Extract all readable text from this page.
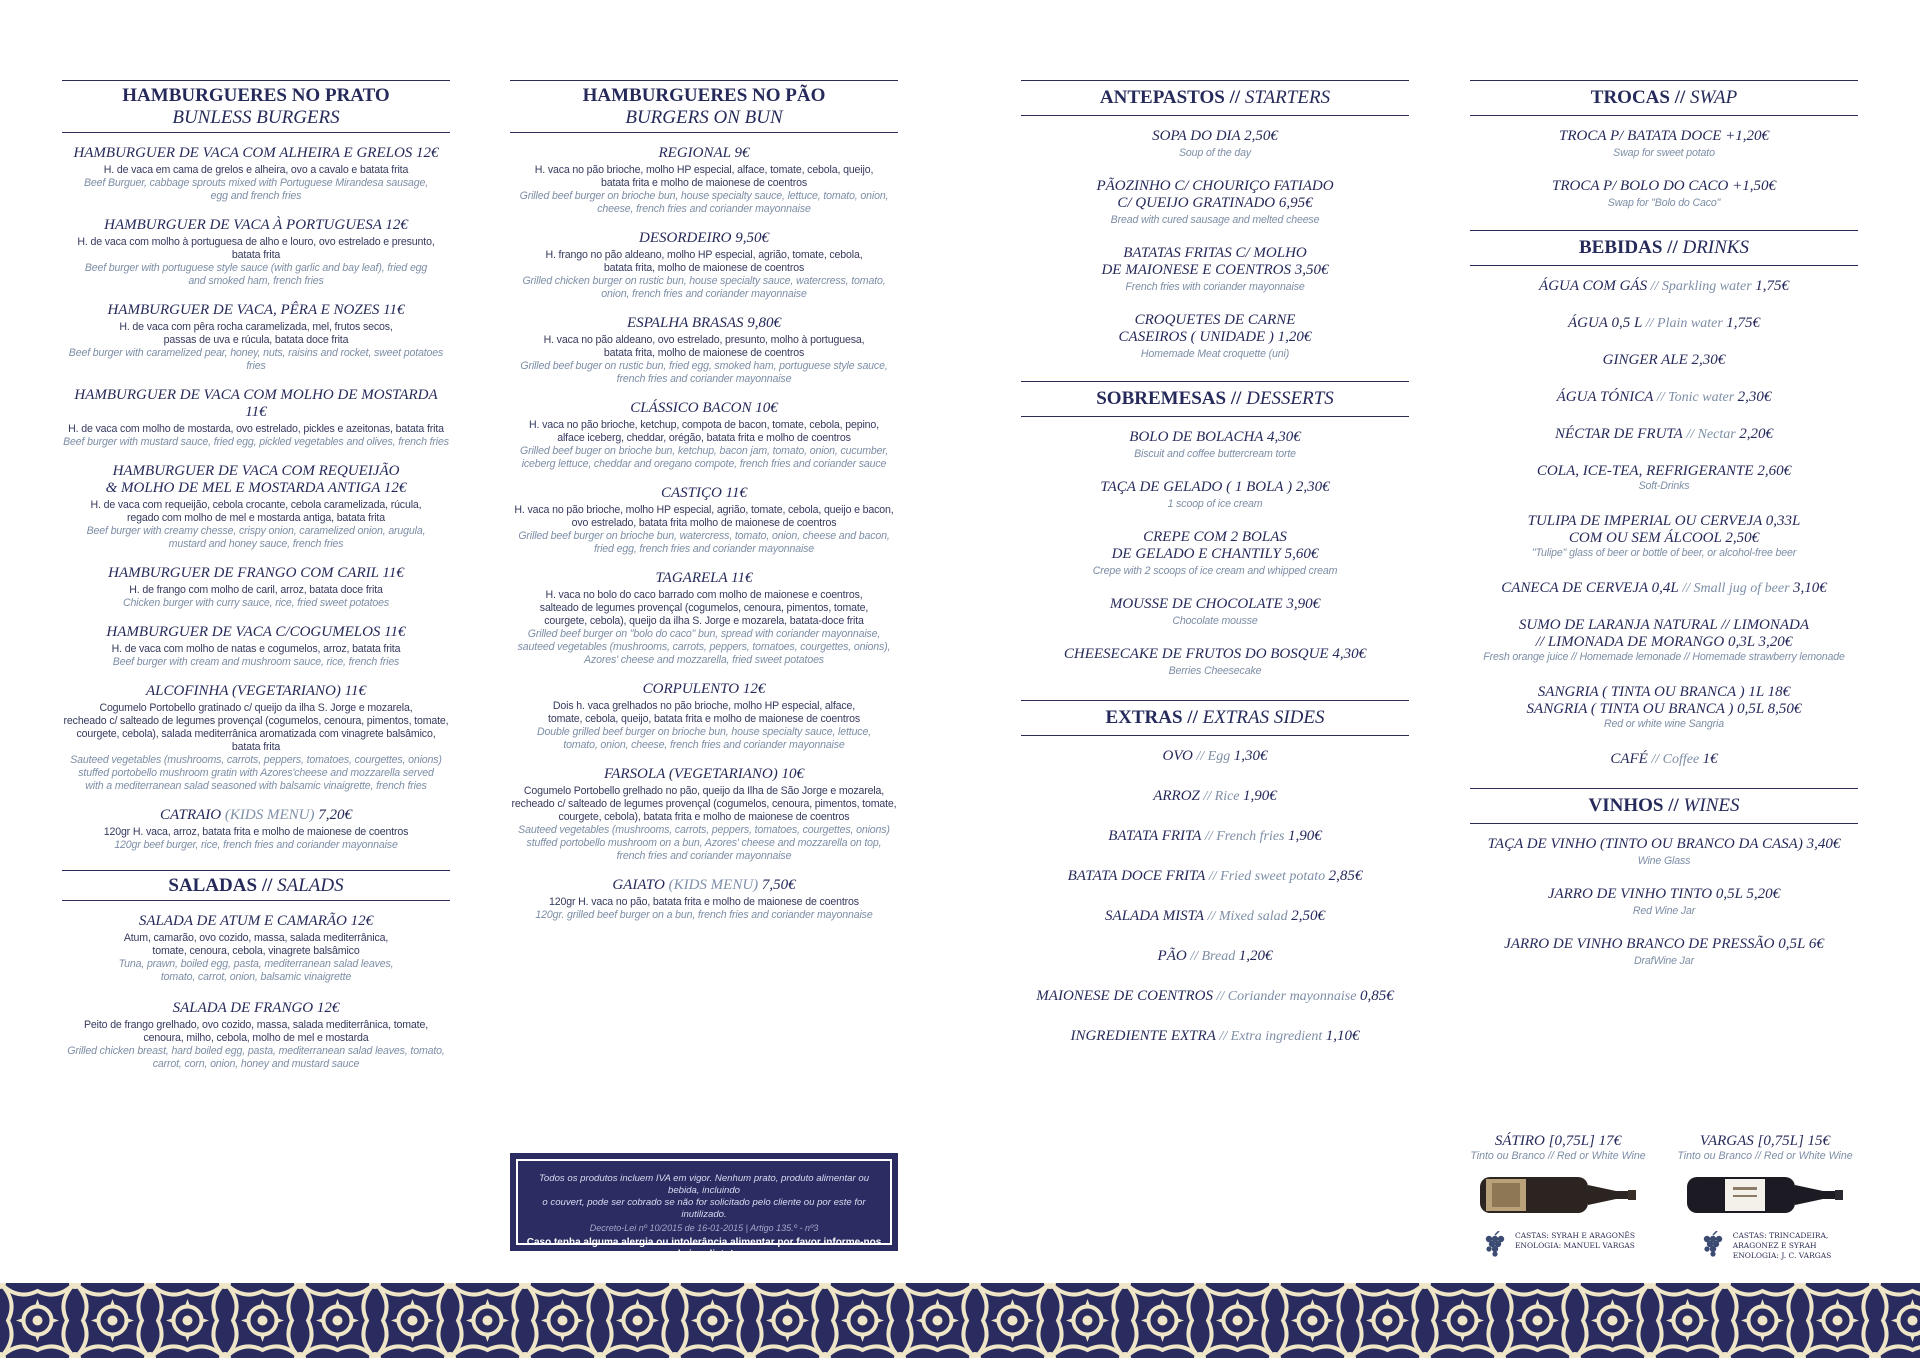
HAMBURGUERES NO PRATO
BUNLESS BURGERS
HAMBURGUER DE VACA COM ALHEIRA E GRELOS 12€
H. de vaca em cama de grelos e alheira, ovo a cavalo e batata frita
Beef Burguer, cabbage sprouts mixed with Portuguese Mirandesa sausage,
egg and french fries
HAMBURGUER DE VACA À PORTUGUESA 12€
H. de vaca com molho à portuguesa de alho e louro, ovo estrelado e presunto, batata frita
Beef burger with portuguese style sauce (with garlic and bay leaf), fried egg
and smoked ham, french fries
HAMBURGUER DE VACA, PÊRA E NOZES 11€
H. de vaca com pêra rocha caramelizada, mel, frutos secos,
passas de uva e rúcula, batata doce frita
Beef burger with caramelized pear, honey, nuts, raisins and rocket, sweet potatoes fries
HAMBURGUER DE VACA COM MOLHO DE MOSTARDA 11€
H. de vaca com molho de mostarda, ovo estrelado, pickles e azeitonas, batata frita
Beef burger with mustard sauce, fried egg, pickled vegetables and olives, french fries
HAMBURGUER DE VACA COM REQUEIJÃO
& MOLHO DE MEL E MOSTARDA ANTIGA 12€
H. de vaca com requeijão, cebola crocante, cebola caramelizada, rúcula,
regado com molho de mel e mostarda antiga, batata frita
Beef burger with creamy chesse, crispy onion, caramelized onion, arugula,
mustard and honey sauce, french fries
HAMBURGUER DE FRANGO COM CARIL 11€
H. de frango com molho de caril, arroz, batata doce frita
Chicken burger with curry sauce, rice, fried sweet potatoes
HAMBURGUER DE VACA C/COGUMELOS 11€
H. de vaca com molho de natas e cogumelos, arroz, batata frita
Beef burger with cream and mushroom sauce, rice, french fries
ALCOFINHA (VEGETARIANO) 11€
Cogumelo Portobello gratinado c/ queijo da ilha S. Jorge e mozarela,
recheado c/ salteado de legumes provençal (cogumelos, cenoura, pimentos, tomate,
courgete, cebola), salada mediterrânica aromatizada com vinagrete balsâmico, batata frita
Sauteed vegetables (mushrooms, carrots, peppers, tomatoes, courgettes, onions)
stuffed portobello mushroom gratin with Azores'cheese and mozzarella served
with a mediterranean salad seasoned with balsamic vinaigrette, french fries
CATRAIO (KIDS MENU) 7,20€
120gr H. vaca, arroz, batata frita e molho de maionese de coentros
120gr beef burger, rice, french fries and coriander mayonnaise
SALADAS // SALADS
SALADA DE ATUM E CAMARÃO 12€
Atum, camarão, ovo cozido, massa, salada mediterrânica,
tomate, cenoura, cebola, vinagrete balsâmico
Tuna, prawn, boiled egg, pasta, mediterranean salad leaves,
tomato, carrot, onion, balsamic vinaigrette
SALADA DE FRANGO 12€
Peito de frango grelhado, ovo cozido, massa, salada mediterrânica, tomate,
cenoura, milho, cebola, molho de mel e mostarda
Grilled chicken breast, hard boiled egg, pasta, mediterranean salad leaves, tomato,
carrot, corn, onion, honey and mustard sauce
HAMBURGUERES NO PÃO
BURGERS ON BUN
REGIONAL 9€
H. vaca no pão brioche, molho HP especial, alface, tomate, cebola, queijo,
batata frita e molho de maionese de coentros
Grilled beef burger on brioche bun, house specialty sauce, lettuce, tomato, onion,
cheese, french fries and coriander mayonnaise
DESORDEIRO 9,50€
H. frango no pão aldeano, molho HP especial, agrião, tomate, cebola,
batata frita, molho de maionese de coentros
Grilled chicken burger on rustic bun, house specialty sauce, watercress, tomato,
onion, french fries and coriander mayonnaise
ESPALHA BRASAS 9,80€
H. vaca no pão aldeano, ovo estrelado, presunto, molho à portuguesa,
batata frita, molho de maionese de coentros
Grilled beef buger on rustic bun, fried egg, smoked ham, portuguese style sauce,
french fries and coriander mayonnaise
CLÁSSICO BACON 10€
H. vaca no pão brioche, ketchup, compota de bacon, tomate, cebola, pepino,
alface iceberg, cheddar, orégão, batata frita e molho de coentros
Grilled beef buger on brioche bun, ketchup, bacon jam, tomato, onion, cucumber,
iceberg lettuce, cheddar and oregano compote, french fries and coriander sauce
CASTIÇO 11€
H. vaca no pão brioche, molho HP especial, agrião, tomate, cebola, queijo e bacon,
ovo estrelado, batata frita molho de maionese de coentros
Grilled beef burger on brioche bun, watercress, tomato, onion, cheese and bacon,
fried egg, french fries and coriander mayonnaise
TAGARELA 11€
H. vaca no bolo do caco barrado com molho de maionese e coentros,
salteado de legumes provençal (cogumelos, cenoura, pimentos, tomate,
courgete, cebola), queijo da ilha S. Jorge e mozarela, batata-doce frita
Grilled beef burger on "bolo do caco" bun, spread with coriander mayonnaise,
sauteed vegetables (mushrooms, carrots, peppers, tomatoes, courgettes, onions),
Azores' cheese and mozzarella, fried sweet potatoes
CORPULENTO 12€
Dois h. vaca grelhados no pão brioche, molho HP especial, alface,
tomate, cebola, queijo, batata frita e molho de maionese de coentros
Double grilled beef burger on brioche bun, house specialty sauce, lettuce,
tomato, onion, cheese, french fries and coriander mayonnaise
FARSOLA (VEGETARIANO) 10€
Cogumelo Portobello grelhado no pão, queijo da Ilha de São Jorge e mozarela,
recheado c/ salteado de legumes provençal (cogumelos, cenoura, pimentos, tomate,
courgete, cebola), batata frita e molho de maionese de coentros
Sauteed vegetables (mushrooms, carrots, peppers, tomatoes, courgettes, onions)
stuffed portobello mushroom on a bun, Azores' cheese and mozzarella on top,
french fries and coriander mayonnaise
GAIATO (KIDS MENU) 7,50€
120gr H. vaca no pão, batata frita e molho de maionese de coentros
120gr. grilled beef burger on a bun, french fries and coriander mayonnaise
Todos os produtos incluem IVA em vigor. Nenhum prato, produto alimentar ou bebida, incluindo
o couvert, pode ser cobrado se não for solicitado pelo cliente ou por este for inutilizado.
Decreto-Lei nº 10/2015 de 16-01-2015 | Artigo 135.º - nº3
Caso tenha alguma alergia ou intolerância alimentar por favor informe-nos de imediato!
ANTEPASTOS // STARTERS
SOPA DO DIA 2,50€
Soup of the day
PÃOZINHO C/ CHOURIÇO FATIADO
C/ QUEIJO GRATINADO 6,95€
Bread with cured sausage and melted cheese
BATATAS FRITAS C/ MOLHO
DE MAIONESE E COENTROS 3,50€
French fries with coriander mayonnaise
CROQUETES DE CARNE
CASEIROS ( UNIDADE ) 1,20€
Homemade Meat croquette (uni)
SOBREMESAS // DESSERTS
BOLO DE BOLACHA 4,30€
Biscuit and coffee buttercream torte
TAÇA DE GELADO ( 1 BOLA ) 2,30€
1 scoop of ice cream
CREPE COM 2 BOLAS
DE GELADO E CHANTILY 5,60€
Crepe with 2 scoops of ice cream and whipped cream
MOUSSE DE CHOCOLATE 3,90€
Chocolate mousse
CHEESECAKE DE FRUTOS DO BOSQUE 4,30€
Berries Cheesecake
EXTRAS // EXTRAS SIDES
OVO // Egg 1,30€
ARROZ // Rice 1,90€
BATATA FRITA // French fries 1,90€
BATATA DOCE FRITA // Fried sweet potato 2,85€
SALADA MISTA // Mixed salad 2,50€
PÃO // Bread 1,20€
MAIONESE DE COENTROS // Coriander mayonnaise 0,85€
INGREDIENTE EXTRA // Extra ingredient 1,10€
TROCAS // SWAP
TROCA P/ BATATA DOCE +1,20€
Swap for sweet potato
TROCA P/ BOLO DO CACO +1,50€
Swap for "Bolo do Caco"
BEBIDAS // DRINKS
ÁGUA COM GÁS // Sparkling water 1,75€
ÁGUA 0,5 L // Plain water 1,75€
GINGER ALE 2,30€
ÁGUA TÓNICA // Tonic water 2,30€
NÉCTAR DE FRUTA // Nectar 2,20€
COLA, ICE-TEA, REFRIGERANTE 2,60€
Soft-Drinks
TULIPA DE IMPERIAL OU CERVEJA 0,33L
COM OU SEM ÁLCOOL 2,50€
"Tulipe" glass of beer or bottle of beer, or alcohol-free beer
CANECA DE CERVEJA 0,4L // Small jug of beer 3,10€
SUMO DE LARANJA NATURAL // LIMONADA
// LIMONADA DE MORANGO 0,3L 3,20€
Fresh orange juice // Homemade lemonade // Homemade strawberry lemonade
SANGRIA ( TINTA OU BRANCA ) 1L 18€
SANGRIA ( TINTA OU BRANCA ) 0,5L 8,50€
Red or white wine Sangria
CAFÉ // Coffee 1€
VINHOS // WINES
TAÇA DE VINHO (TINTO OU BRANCO DA CASA) 3,40€
Wine Glass
JARRO DE VINHO TINTO 0,5L 5,20€
Red Wine Jar
JARRO DE VINHO BRANCO DE PRESSÃO 0,5L 6€
DrafWine Jar
SÁTIRO [0,75L] 17€
Tinto ou Branco // Red or White Wine
CASTAS: SYRAH E ARAGONÊS
ENOLOGIA: MANUEL VARGAS
VARGAS [0,75L] 15€
Tinto ou Branco // Red or White Wine
CASTAS: TRINCADEIRA,
ARAGONEZ E SYRAH
ENOLOGIA: J. C. VARGAS
